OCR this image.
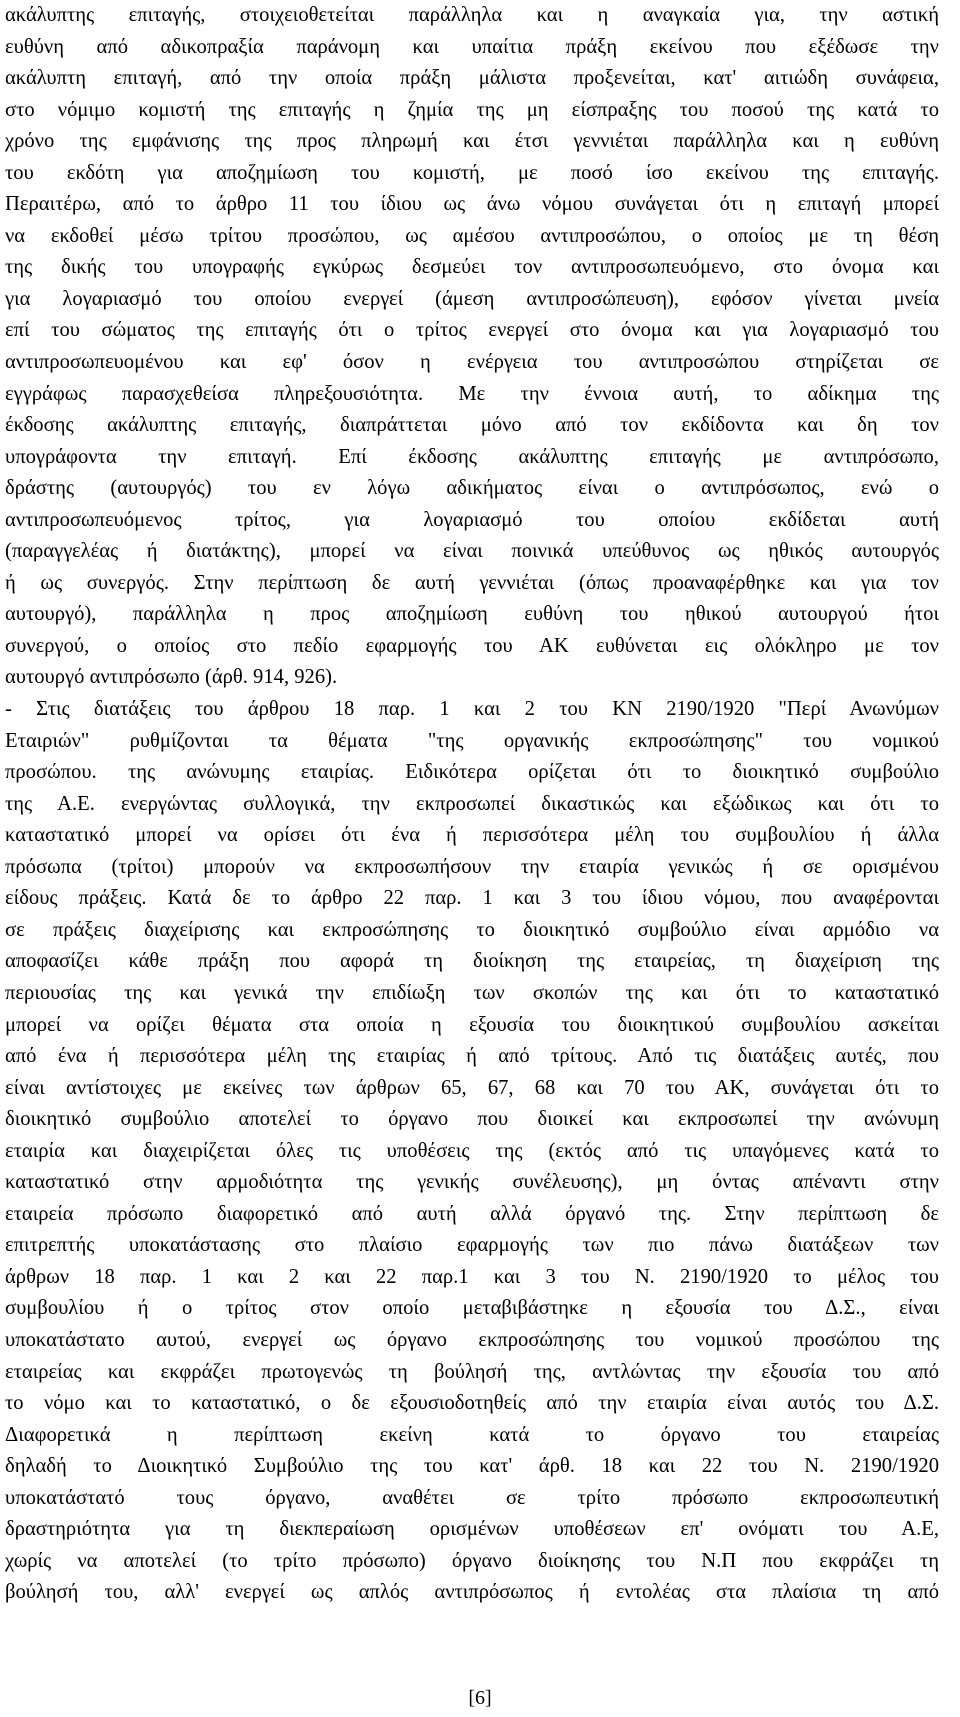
ακάλυπτης επιταγής, στοιχειοθετείται παράλληλα και η αναγκαία για, την αστική
ευθύνη από αδικοπραξία παράνομη και υπαίτια πράξη εκείνου που εξέδωσε την
ακάλυπτη επιταγή, από την οποία πράξη μάλιστα προξενείται, κατ' αιτιώδη συνάφεια,
στο νόμιμο κομιστή της επιταγής η ζημία της μη είσπραξης του ποσού της κατά το
χρόνο της εμφάνισης της προς πληρωμή και έτσι γεννιέται παράλληλα και η ευθύνη
του εκδότη για αποζημίωση του κομιστή, με ποσό ίσο εκείνου της επιταγής.
Περαιτέρω, από το άρθρο 11 του ίδιου ως άνω νόμου συνάγεται ότι η επιταγή μπορεί
να εκδοθεί μέσω τρίτου προσώπου, ως αμέσου αντιπροσώπου, ο οποίος με τη θέση
της δικής του υπογραφής εγκύρως δεσμεύει τον αντιπροσωπευόμενο, στο όνομα και
για λογαριασμό του οποίου ενεργεί (άμεση αντιπροσώπευση), εφόσον γίνεται μνεία
επί του σώματος της επιταγής ότι ο τρίτος ενεργεί στο όνομα και για λογαριασμό του
αντιπροσωπευομένου και εφ' όσον η ενέργεια του αντιπροσώπου στηρίζεται σε
εγγράφως παρασχεθείσα πληρεξουσιότητα. Με την έννοια αυτή, το αδίκημα της
έκδοσης ακάλυπτης επιταγής, διαπράττεται μόνο από τον εκδίδοντα και δη τον
υπογράφοντα την επιταγή. Επί έκδοσης ακάλυπτης επιταγής με αντιπρόσωπο,
δράστης (αυτουργός) του εν λόγω αδικήματος είναι ο αντιπρόσωπος, ενώ ο
αντιπροσωπευόμενος τρίτος, για λογαριασμό του οποίου εκδίδεται αυτή
(παραγγελέας ή διατάκτης), μπορεί να είναι ποινικά υπεύθυνος ως ηθικός αυτουργός
ή ως συνεργός. Στην περίπτωση δε αυτή γεννιέται (όπως προαναφέρθηκε και για τον
αυτουργό), παράλληλα η προς αποζημίωση ευθύνη του ηθικού αυτουργού ήτοι
συνεργού, ο οποίος στο πεδίο εφαρμογής του ΑΚ ευθύνεται εις ολόκληρο με τον
αυτουργό αντιπρόσωπο (άρθ. 914, 926).
- Στις διατάξεις του άρθρου 18 παρ. 1 και 2 του ΚΝ 2190/1920 "Περί Ανωνύμων
Εταιριών" ρυθμίζονται τα θέματα "της οργανικής εκπροσώπησης" του νομικού
προσώπου. της ανώνυμης εταιρίας. Ειδικότερα ορίζεται ότι το διοικητικό συμβούλιο
της Α.Ε. ενεργώντας συλλογικά, την εκπροσωπεί δικαστικώς και εξώδικως και ότι το
καταστατικό μπορεί να ορίσει ότι ένα ή περισσότερα μέλη του συμβουλίου ή άλλα
πρόσωπα (τρίτοι) μπορούν να εκπροσωπήσουν την εταιρία γενικώς ή σε ορισμένου
είδους πράξεις. Κατά δε το άρθρο 22 παρ. 1 και 3 του ίδιου νόμου, που αναφέρονται
σε πράξεις διαχείρισης και εκπροσώπησης το διοικητικό συμβούλιο είναι αρμόδιο να
αποφασίζει κάθε πράξη που αφορά τη διοίκηση της εταιρείας, τη διαχείριση της
περιουσίας της και γενικά την επιδίωξη των σκοπών της και ότι το καταστατικό
μπορεί να ορίζει θέματα στα οποία η εξουσία του διοικητικού συμβουλίου ασκείται
από ένα ή περισσότερα μέλη της εταιρίας ή από τρίτους. Από τις διατάξεις αυτές, που
είναι αντίστοιχες με εκείνες των άρθρων 65, 67, 68 και 70 του ΑΚ, συνάγεται ότι το
διοικητικό συμβούλιο αποτελεί το όργανο που διοικεί και εκπροσωπεί την ανώνυμη
εταιρία και διαχειρίζεται όλες τις υποθέσεις της (εκτός από τις υπαγόμενες κατά το
καταστατικό στην αρμοδιότητα της γενικής συνέλευσης), μη όντας απέναντι στην
εταιρεία πρόσωπο διαφορετικό από αυτή αλλά όργανό της. Στην περίπτωση δε
επιτρεπτής υποκατάστασης στο πλαίσιο εφαρμογής των πιο πάνω διατάξεων των
άρθρων 18 παρ. 1 και 2 και 22 παρ.1 και 3 του Ν. 2190/1920 το μέλος του
συμβουλίου ή ο τρίτος στον οποίο μεταβιβάστηκε η εξουσία του Δ.Σ., είναι
υποκατάστατο αυτού, ενεργεί ως όργανο εκπροσώπησης του νομικού προσώπου της
εταιρείας και εκφράζει πρωτογενώς τη βούλησή της, αντλώντας την εξουσία του από
το νόμο και το καταστατικό, ο δε εξουσιοδοτηθείς από την εταιρία είναι αυτός του Δ.Σ.
Διαφορετικά η περίπτωση εκείνη κατά το όργανο του εταιρείας
δηλαδή το Διοικητικό Συμβούλιο της του κατ' άρθ. 18 και 22 του Ν. 2190/1920
υποκατάστατό τους όργανο, αναθέτει σε τρίτο πρόσωπο εκπροσωπευτική
δραστηριότητα για τη διεκπεραίωση ορισμένων υποθέσεων επ' ονόματι του Α.Ε,
χωρίς να αποτελεί (το τρίτο πρόσωπο) όργανο διοίκησης του Ν.Π που εκφράζει τη
βούλησή του, αλλ' ενεργεί ως απλός αντιπρόσωπος ή εντολέας στα πλαίσια τη από
[6]
